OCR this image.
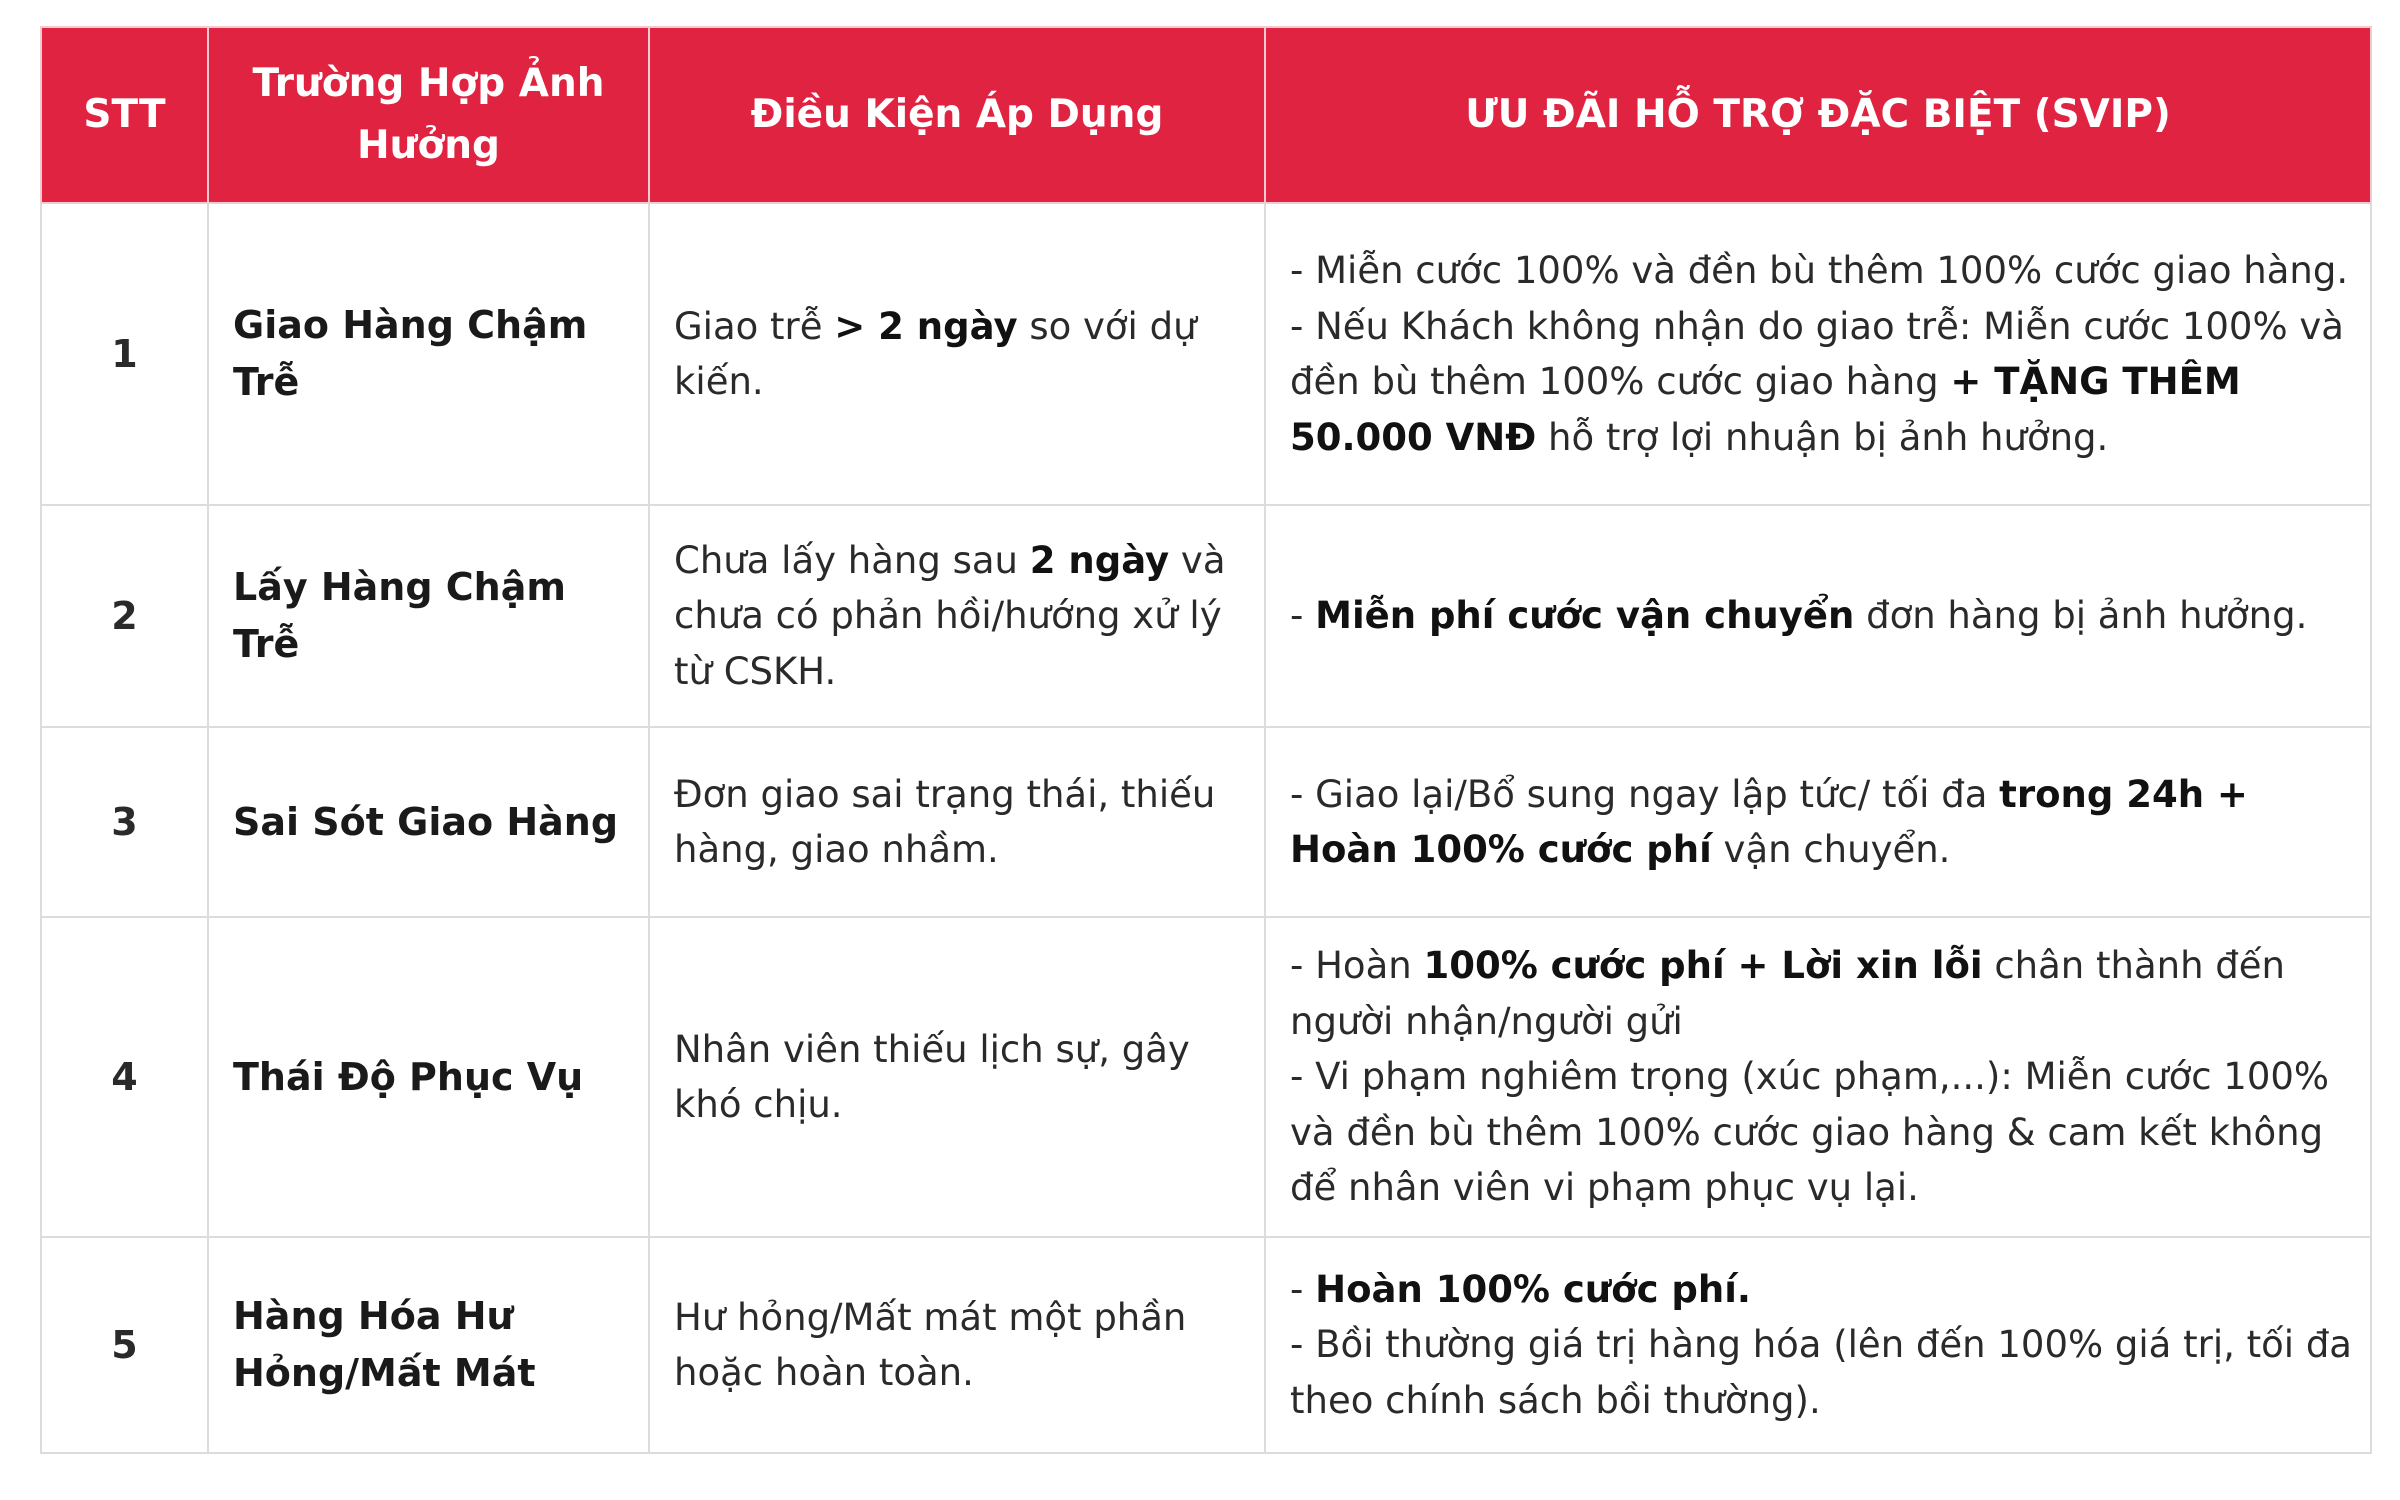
STT	Trường Hợp Ảnh Hưởng	Điều Kiện Áp Dụng	ƯU ĐÃI HỖ TRỢ ĐẶC BIỆT (SVIP)
1	Giao Hàng Chậm Trễ	Giao trễ > 2 ngày so với dự kiến.	- Miễn cước 100% và đền bù thêm 100% cước giao hàng.
- Nếu Khách không nhận do giao trễ: Miễn cước 100% và đền bù thêm 100% cước giao hàng + TẶNG THÊM 50.000 VNĐ hỗ trợ lợi nhuận bị ảnh hưởng.

2	Lấy Hàng Chậm Trễ	Chưa lấy hàng sau 2 ngày và chưa có phản hồi/hướng xử lý từ CSKH.	- Miễn phí cước vận chuyển đơn hàng bị ảnh hưởng.

3	Sai Sót Giao Hàng	Đơn giao sai trạng thái, thiếu hàng, giao nhầm.	- Giao lại/Bổ sung ngay lập tức/ tối đa trong 24h + Hoàn 100% cước phí vận chuyển.

4	Thái Độ Phục Vụ	Nhân viên thiếu lịch sự, gây khó chịu.	- Hoàn 100% cước phí + Lời xin lỗi chân thành đến người nhận/người gửi
- Vi phạm nghiêm trọng (xúc phạm,...): Miễn cước 100% và đền bù thêm 100% cước giao hàng & cam kết không để nhân viên vi phạm phục vụ lại.

5	Hàng Hóa Hư Hỏng/Mất Mát	Hư hỏng/Mất mát một phần hoặc hoàn toàn.	- Hoàn 100% cước phí.
- Bồi thường giá trị hàng hóa (lên đến 100% giá trị, tối đa theo chính sách bồi thường).
